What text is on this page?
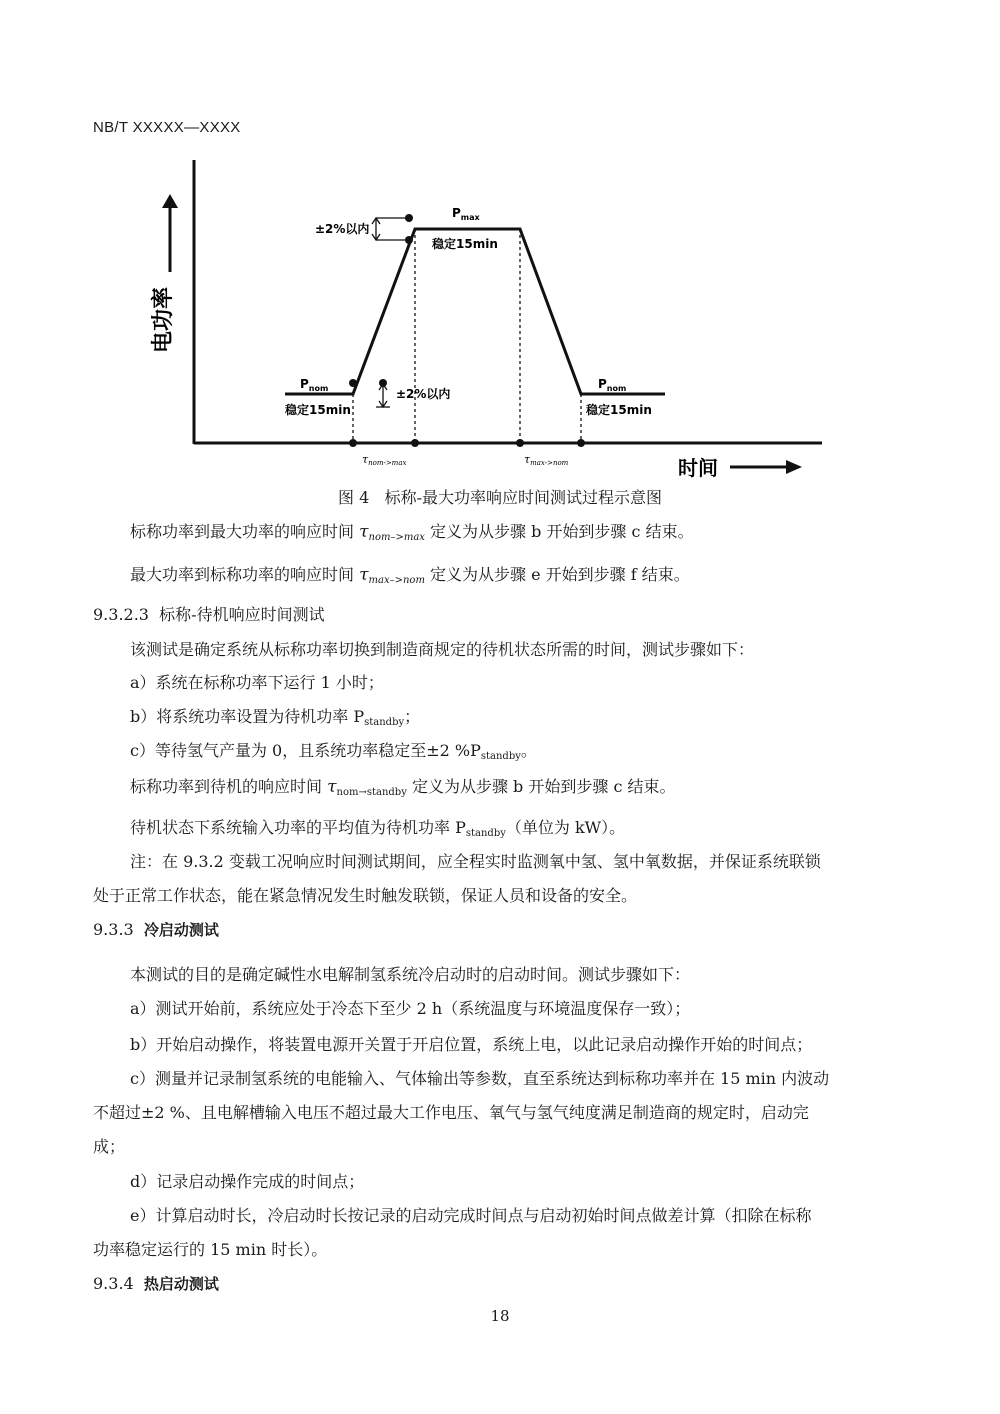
NB/T XXXXX—XXXX
电功率
时间
$P_{nom}$
稳定15min
±2%以内
±2%以内
$P_{max}$
稳定15min
$P_{nom}$
稳定15min
τnom->max	τmax->nom
图 4 标称-最大功率响应时间测试过程示意图
标称功率到最大功率的响应时间 $\tau_{nom->max}$ 定义为从步骤 b 开始到步骤 c 结束。
最大功率到标称功率的响应时间 $\tau_{max->nom}$ 定义为从步骤 e 开始到步骤 f 结束。
9.3.2.3 标称-待机响应时间测试
该测试是确定系统从标称功率切换到制造商规定的待机状态所需的时间，测试步骤如下：
a）系统在标称功率下运行 1 小时；
b）将系统功率设置为待机功率 $P_{standby}$；
c）等待氢气产量为 0，且系统功率稳定至±2 $\%P_{standby}$。
标称功率到待机的响应时间 $\tau_{nom\to standby}$ 定义为从步骤 b 开始到步骤 c 结束。
待机状态下系统输入功率的平均值为待机功率 $P_{standby}$（单位为 kW）。
注：在 9.3.2 变载工况响应时间测试期间，应全程实时监测氧中氢、氢中氧数据，并保证系统联锁
处于正常工作状态，能在紧急情况发生时触发联锁，保证人员和设备的安全。
9.3.3 冷启动测试
本测试的目的是确定碱性水电解制氢系统冷启动时的启动时间。测试步骤如下：
a）测试开始前，系统应处于冷态下至少 2 h（系统温度与环境温度保存一致）；
b）开始启动操作，将装置电源开关置于开启位置，系统上电，以此记录启动操作开始的时间点；
c）测量并记录制氢系统的电能输入、气体输出等参数，直至系统达到标称功率并在 15 min 内波动
不超过±2 %、且电解槽输入电压不超过最大工作电压、氧气与氢气纯度满足制造商的规定时，启动完
成；
d）记录启动操作完成的时间点；
e）计算启动时长，冷启动时长按记录的启动完成时间点与启动初始时间点做差计算（扣除在标称
功率稳定运行的 15 min 时长）。
9.3.4 热启动测试
18
